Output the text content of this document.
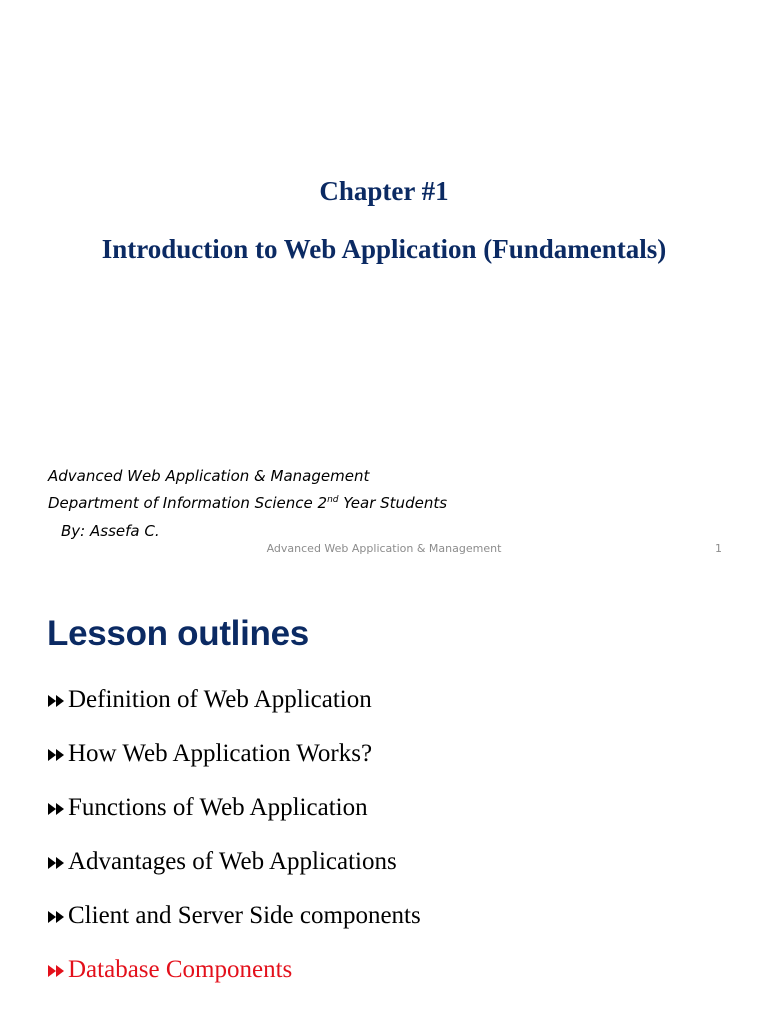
Chapter #1
Introduction to Web Application (Fundamentals)

Advanced Web Application & Management

Department of Information Science 2nd Year Students

By: Assefa C.

Advanced Web Application & Management	1
Lesson outlines
Definition of Web Application
How Web Application Works?
Functions of Web Application
Advantages of Web Applications
Client and Server Side components
Database Components
